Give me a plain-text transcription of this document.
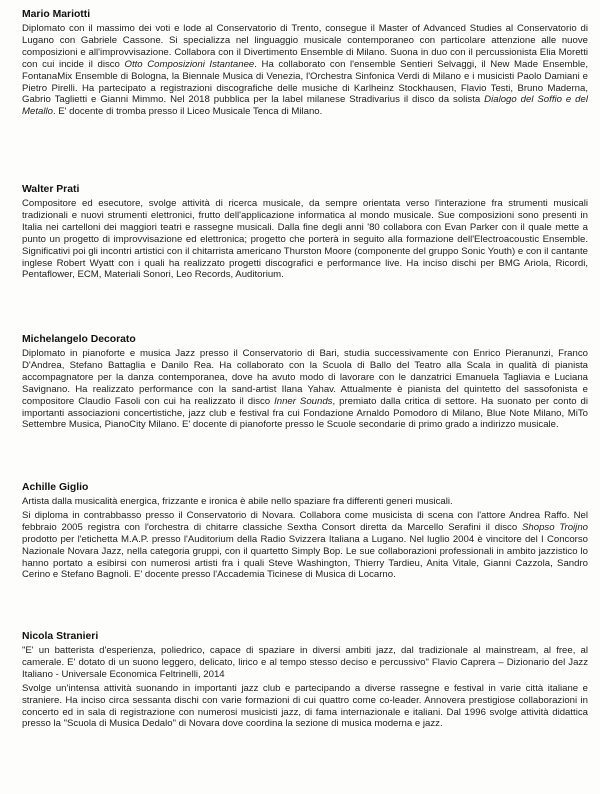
Mario Mariotti

Diplomato con il massimo dei voti e lode al Conservatorio di Trento, consegue il Master of Advanced Studies al Conservatorio di Lugano con Gabriele Cassone. Si specializza nel linguaggio musicale contemporaneo con particolare attenzione alle nuove composizioni e all'improvvisazione. Collabora con il Divertimento Ensemble di Milano. Suona in duo con il percussionista Elia Moretti con cui incide il disco Otto Composizioni Istantanee. Ha collaborato con l'ensemble Sentieri Selvaggi, il New Made Ensemble, FontanaMix Ensemble di Bologna, la Biennale Musica di Venezia, l'Orchestra Sinfonica Verdi di Milano e i musicisti Paolo Damiani e Pietro Pirelli. Ha partecipato a registrazioni discografiche delle musiche di Karlheinz Stockhausen, Flavio Testi, Bruno Maderna, Gabrio Taglietti e Gianni Mimmo. Nel 2018 pubblica per la label milanese Stradivarius il disco da solista Dialogo del Soffio e del Metallo. E' docente di tromba presso il Liceo Musicale Tenca di Milano.

Walter Prati

Compositore ed esecutore, svolge attività di ricerca musicale, da sempre orientata verso l'interazione fra strumenti musicali tradizionali e nuovi strumenti elettronici, frutto dell'applicazione informatica al mondo musicale. Sue composizioni sono presenti in Italia nei cartelloni dei maggiori teatri e rassegne musicali. Dalla fine degli anni '80 collabora con Evan Parker con il quale mette a punto un progetto di improvvisazione ed elettronica; progetto che porterà in seguito alla formazione dell'Electroacoustic Ensemble. Significativi poi gli incontri artistici con il chitarrista americano Thurston Moore (componente del gruppo Sonic Youth) e con il cantante inglese Robert Wyatt con i quali ha realizzato progetti discografici e performance live. Ha inciso dischi per BMG Ariola, Ricordi, Pentaflower, ECM, Materiali Sonori, Leo Records, Auditorium.

Michelangelo Decorato

Diplomato in pianoforte e musica Jazz presso il Conservatorio di Bari, studia successivamente con Enrico Pieranunzi, Franco D'Andrea, Stefano Battaglia e Danilo Rea. Ha collaborato con la Scuola di Ballo del Teatro alla Scala in qualità di pianista accompagnatore per la danza contemporanea, dove ha avuto modo di lavorare con le danzatrici Emanuela Tagliavia e Luciana Savignano. Ha realizzato performance con la sand-artist Ilana Yahav. Attualmente è pianista del quintetto del sassofonista e compositore Claudio Fasoli con cui ha realizzato il disco Inner Sounds, premiato dalla critica di settore. Ha suonato per conto di importanti associazioni concertistiche, jazz club e festival fra cui Fondazione Arnaldo Pomodoro di Milano, Blue Note Milano, MiTo Settembre Musica, PianoCity Milano. E' docente di pianoforte presso le Scuole secondarie di primo grado a indirizzo musicale.

Achille Giglio

Artista dalla musicalità energica, frizzante e ironica è abile nello spaziare fra differenti generi musicali.

Si diploma in contrabbasso presso il Conservatorio di Novara. Collabora come musicista di scena con l'attore Andrea Raffo. Nel febbraio 2005 registra con l'orchestra di chitarre classiche Sextha Consort diretta da Marcello Serafini il disco Shopso Troijno prodotto per l'etichetta M.A.P. presso l'Auditorium della Radio Svizzera Italiana a Lugano. Nel luglio 2004 è vincitore del I Concorso Nazionale Novara Jazz, nella categoria gruppi, con il quartetto Simply Bop. Le sue collaborazioni professionali in ambito jazzistico lo hanno portato a esibirsi con numerosi artisti fra i quali Steve Washington, Thierry Tardieu, Anita Vitale, Gianni Cazzola, Sandro Cerino e Stefano Bagnoli. E' docente presso l'Accademia Ticinese di Musica di Locarno.

Nicola Stranieri

"E' un batterista d'esperienza, poliedrico, capace di spaziare in diversi ambiti jazz, dal tradizionale al mainstream, al free, al camerale. E' dotato di un suono leggero, delicato, lirico e al tempo stesso deciso e percussivo" Flavio Caprera – Dizionario del Jazz Italiano - Universale Economica Feltrinelli, 2014

Svolge un'intensa attività suonando in importanti jazz club e partecipando a diverse rassegne e festival in varie città italiane e straniere. Ha inciso circa sessanta dischi con varie formazioni di cui quattro come co-leader. Annovera prestigiose collaborazioni in concerto ed in sala di registrazione con numerosi musicisti jazz, di fama internazionale e italiani. Dal 1996 svolge attività didattica presso la "Scuola di Musica Dedalo" di Novara dove coordina la sezione di musica moderna e jazz.
